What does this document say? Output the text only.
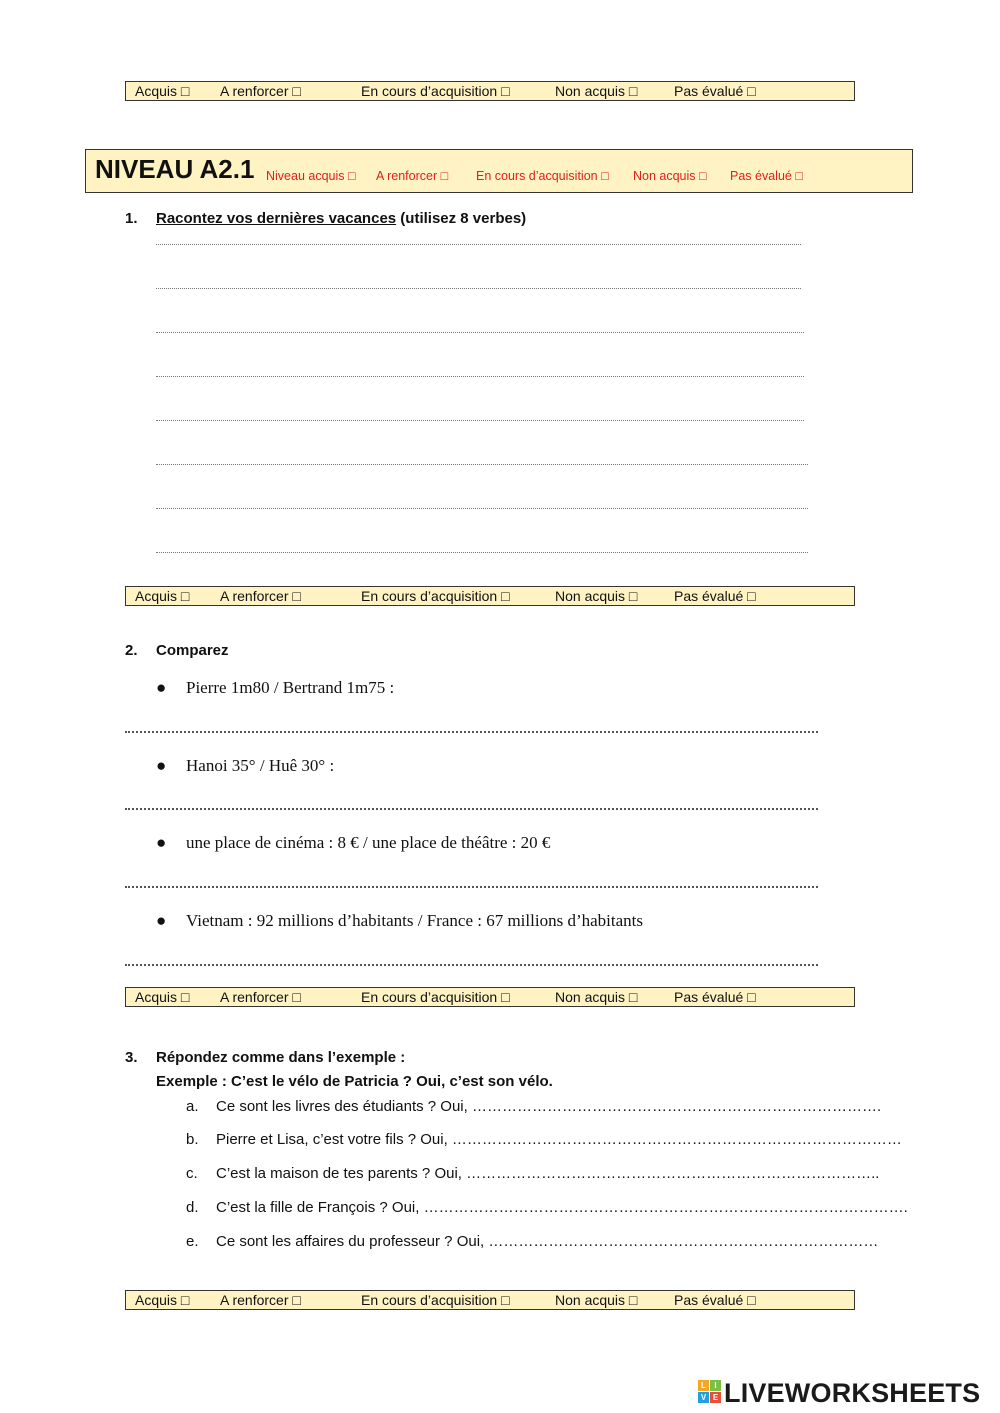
Acquis □ A renforcer □	En cours d’acquisition □	Non acquis □	Pas évalué □
NIVEAU A2.1 Niveau acquis □ A renforcer □ En cours d’acquisition □ Non acquis □ Pas évalué □
1. Racontez vos dernières vacances (utilisez 8 verbes)
Acquis □ A renforcer □	En cours d’acquisition □	Non acquis □	Pas évalué □
2. Comparez
● Pierre 1m80 / Bertrand 1m75 :
● Hanoi 35° / Huê 30° :
● une place de cinéma : 8 € / une place de théâtre : 20 €
● Vietnam : 92 millions d’habitants / France : 67 millions d’habitants
Acquis □ A renforcer □	En cours d’acquisition □	Non acquis □	Pas évalué □
3. Répondez comme dans l’exemple :
Exemple : C’est le vélo de Patricia ? Oui, c’est son vélo.
a. Ce sont les livres des étudiants ? Oui, ……………………………………………………………………….
b. Pierre et Lisa, c’est votre fils ? Oui, ………………………………………………………………………………
c. C’est la maison de tes parents ? Oui, ………………………………………………………………………..
d. C’est la fille de François ? Oui, …………………………………………………………………………………….
e. Ce sont les affaires du professeur ? Oui, ……………………………………………………………………
Acquis □ A renforcer □	En cours d’acquisition □	Non acquis □	Pas évalué □
L	I
V E LIVEWORKSHEETS
